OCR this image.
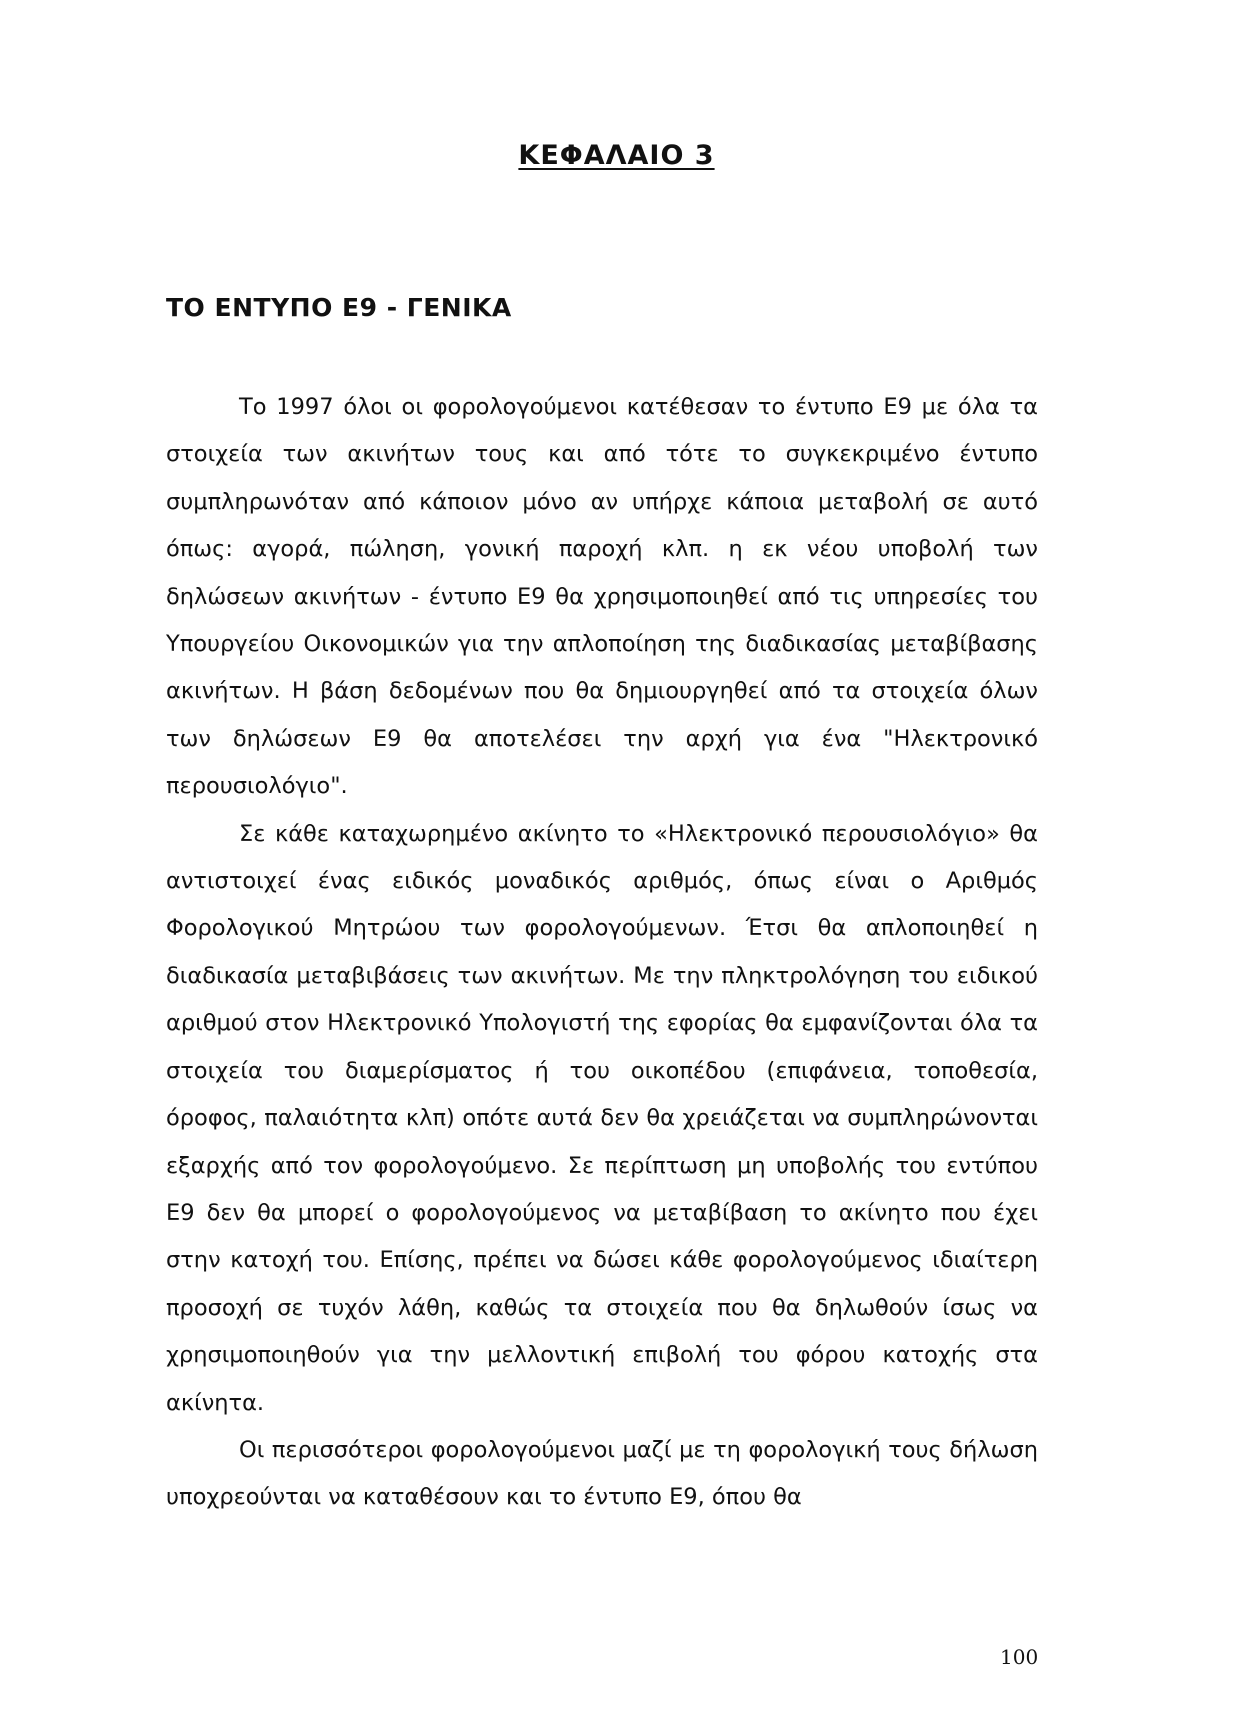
ΚΕΦΑΛΑΙΟ 3
ΤΟ ΕΝΤΥΠΟ Ε9 - ΓΕΝΙΚΑ

Το 1997 όλοι οι φορολογούμενοι κατέθεσαν το έντυπο Ε9 με όλα τα στοιχεία των ακινήτων τους και από τότε το συγκεκριμένο έντυπο συμπληρωνόταν από κάποιον μόνο αν υπήρχε κάποια μεταβολή σε αυτό όπως: αγορά, πώληση, γονική παροχή κλπ. η εκ νέου υποβολή των δηλώσεων ακινήτων - έντυπο Ε9 θα χρησιμοποιηθεί από τις υπηρεσίες του Υπουργείου Οικονομικών για την απλοποίηση της διαδικασίας μεταβίβασης ακινήτων. Η βάση δεδομένων που θα δημιουργηθεί από τα στοιχεία όλων των δηλώσεων Ε9 θα αποτελέσει την αρχή για ένα "Ηλεκτρονικό περουσιολόγιο".

Σε κάθε καταχωρημένο ακίνητο το «Ηλεκτρονικό περουσιολόγιο» θα αντιστοιχεί ένας ειδικός μοναδικός αριθμός, όπως είναι ο Αριθμός Φορολογικού Μητρώου των φορολογούμενων. Έτσι θα απλοποιηθεί η διαδικασία μεταβιβάσεις των ακινήτων. Με την πληκτρολόγηση του ειδικού αριθμού στον Ηλεκτρονικό Υπολογιστή της εφορίας θα εμφανίζονται όλα τα στοιχεία του διαμερίσματος ή του οικοπέδου (επιφάνεια, τοποθεσία, όροφος, παλαιότητα κλπ) οπότε αυτά δεν θα χρειάζεται να συμπληρώνονται εξαρχής από τον φορολογούμενο. Σε περίπτωση μη υποβολής του εντύπου Ε9 δεν θα μπορεί ο φορολογούμενος να μεταβίβαση το ακίνητο που έχει στην κατοχή του. Επίσης, πρέπει να δώσει κάθε φορολογούμενος ιδιαίτερη προσοχή σε τυχόν λάθη, καθώς τα στοιχεία που θα δηλωθούν ίσως να χρησιμοποιηθούν για την μελλοντική επιβολή του φόρου κατοχής στα ακίνητα.

Οι περισσότεροι φορολογούμενοι μαζί με τη φορολογική τους δήλωση υποχρεούνται να καταθέσουν και το έντυπο Ε9, όπου θα

100
